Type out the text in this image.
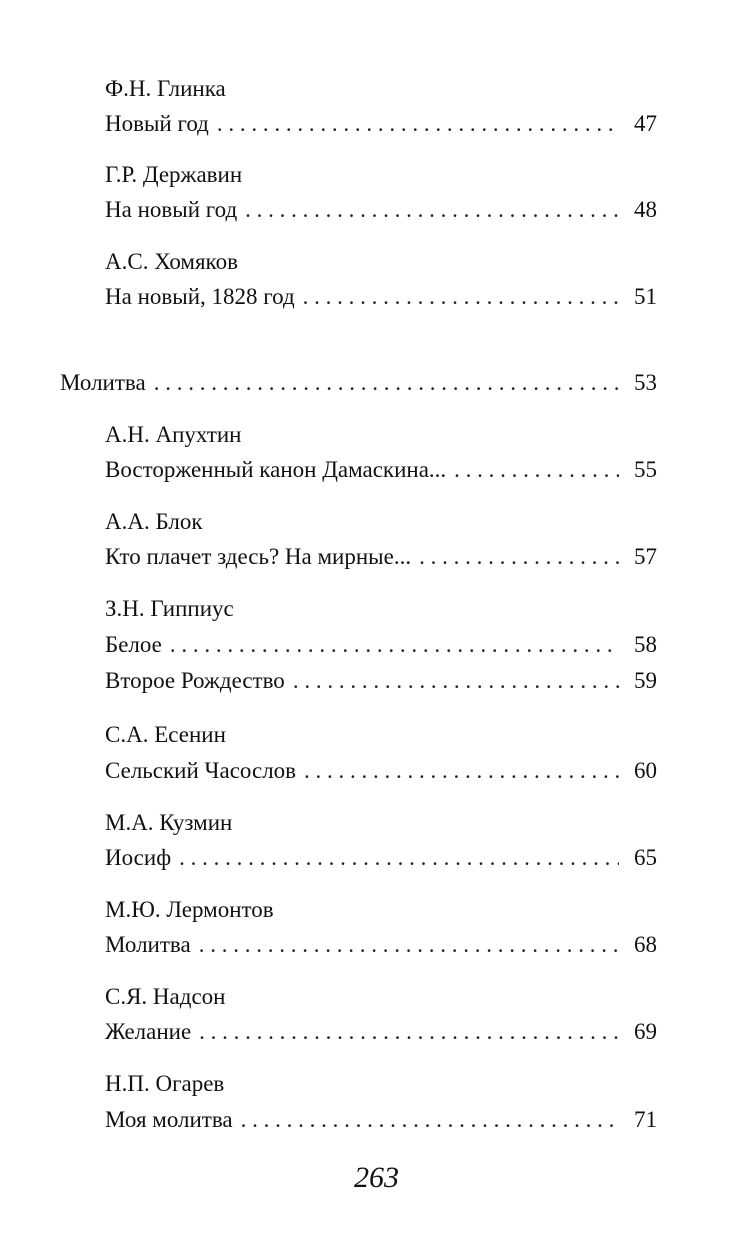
Ф.Н. Глинка
Новый год . . .	47
Г.Р. Державин
На новый год . . .	48
А.С. Хомяков
На новый, 1828 год . . .	51
Молитва . . .	53
А.Н. Апухтин
Восторженный канон Дамаскина... . . .	55
А.А. Блок
Кто плачет здесь? На мирные... . . .	57
З.Н. Гиппиус
Белое . . .	58
Второе Рождество . . .	59
С.А. Есенин
Сельский Часослов . . .	60
М.А. Кузмин
Иосиф . . .	65
М.Ю. Лермонтов
Молитва . . .	68
С.Я. Надсон
Желание . . .	69
Н.П. Огарев
Моя молитва . . .	71
263
